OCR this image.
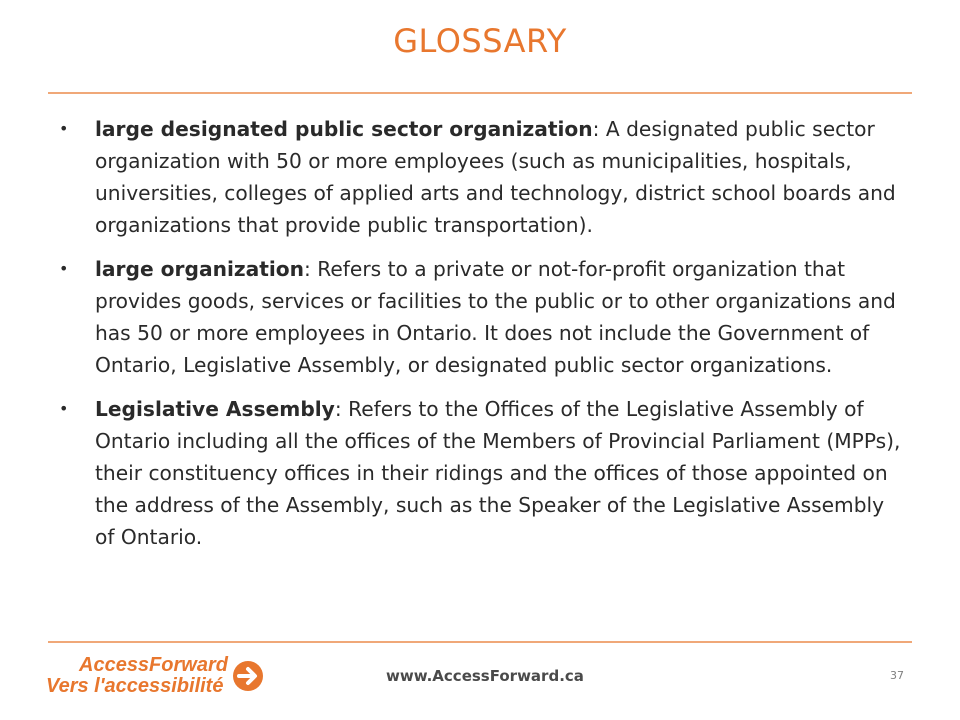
GLOSSARY
• large designated public sector organization: A designated public sector organization with 50 or more employees (such as municipalities, hospitals, universities, colleges of applied arts and technology, district school boards and organizations that provide public transportation).
• large organization: Refers to a private or not-for-profit organization that provides goods, services or facilities to the public or to other organizations and has 50 or more employees in Ontario. It does not include the Government of Ontario, Legislative Assembly, or designated public sector organizations.
• Legislative Assembly: Refers to the Offices of the Legislative Assembly of Ontario including all the offices of the Members of Provincial Parliament (MPPs), their constituency offices in their ridings and the offices of those appointed on the address of the Assembly, such as the Speaker of the Legislative Assembly of Ontario.
AccessForward
Vers l'accessibilité	www.AccessForward.ca	37
